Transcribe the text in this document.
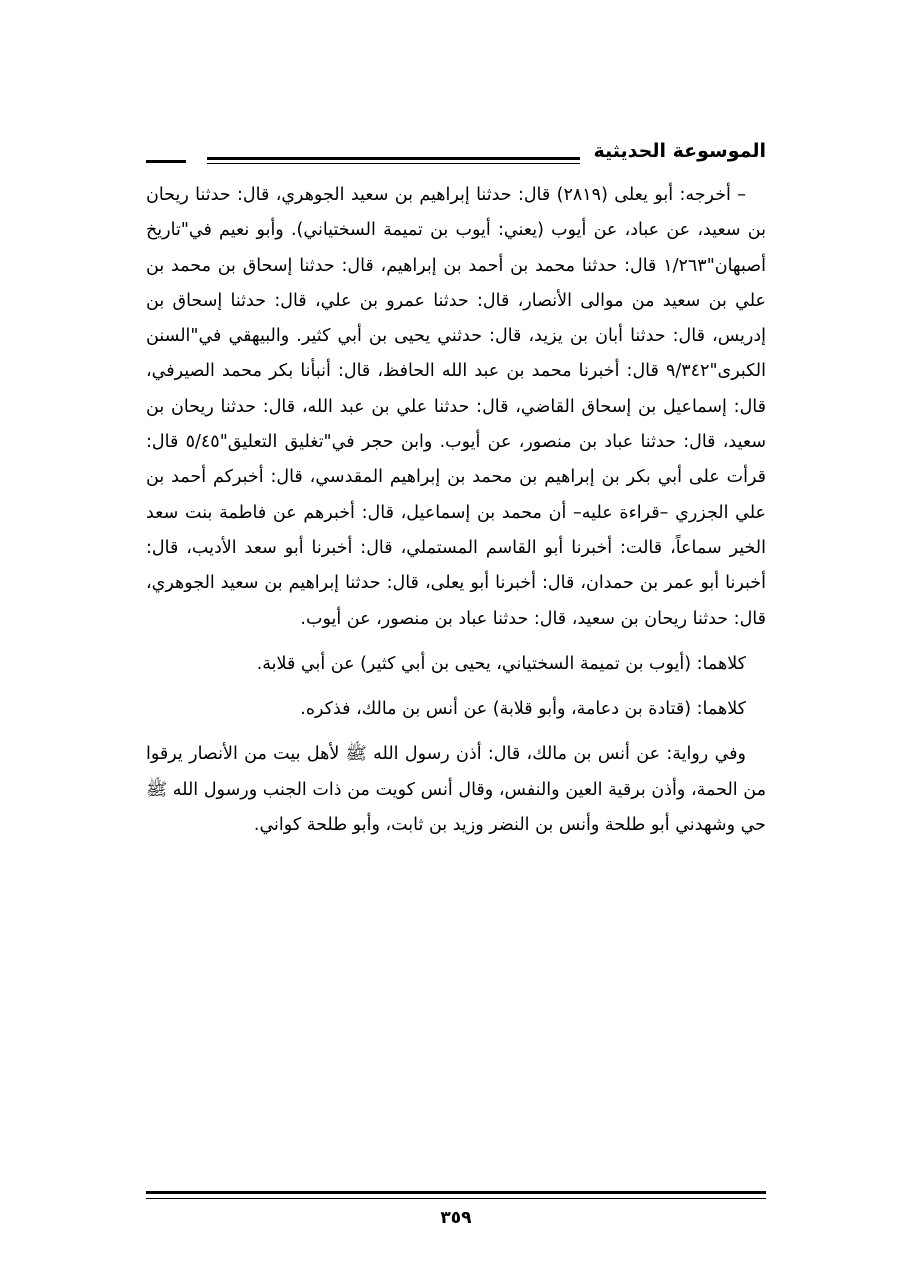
الموسوعة الحديثية

– أخرجه: أبو يعلى (٢٨١٩) قال: حدثنا إبراهيم بن سعيد الجوهري، قال: حدثنا ريحان بن سعيد، عن عباد، عن أيوب (يعني: أيوب بن تميمة السختياني). وأبو نعيم في"تاريخ أصبهان"١/٢٦٣ قال: حدثنا محمد بن أحمد بن إبراهيم، قال: حدثنا إسحاق بن محمد بن علي بن سعيد من موالى الأنصار، قال: حدثنا عمرو بن علي، قال: حدثنا إسحاق بن إدريس، قال: حدثنا أبان بن يزيد، قال: حدثني يحيى بن أبي كثير. والبيهقي في"السنن الكبرى"٩/٣٤٢ قال: أخبرنا محمد بن عبد الله الحافظ، قال: أنبأنا بكر محمد الصيرفي، قال: إسماعيل بن إسحاق القاضي، قال: حدثنا علي بن عبد الله، قال: حدثنا ريحان بن سعيد، قال: حدثنا عباد بن منصور، عن أيوب. وابن حجر في"تغليق التعليق"٥/٤٥ قال: قرأت على أبي بكر بن إبراهيم بن محمد بن إبراهيم المقدسي، قال: أخبركم أحمد بن علي الجزري –قراءة عليه– أن محمد بن إسماعيل، قال: أخبرهم عن فاطمة بنت سعد الخير سماعاً، قالت: أخبرنا أبو القاسم المستملي، قال: أخبرنا أبو سعد الأديب، قال: أخبرنا أبو عمر بن حمدان، قال: أخبرنا أبو يعلى، قال: حدثنا إبراهيم بن سعيد الجوهري، قال: حدثنا ريحان بن سعيد، قال: حدثنا عباد بن منصور، عن أيوب.

كلاهما: (أيوب بن تميمة السختياني، يحيى بن أبي كثير) عن أبي قلابة.

كلاهما: (قتادة بن دعامة، وأبو قلابة) عن أنس بن مالك، فذكره.

وفي رواية: عن أنس بن مالك، قال: أذن رسول الله ﷺ لأهل بيت من الأنصار يرقوا من الحمة، وأذن برقية العين والنفس، وقال أنس كويت من ذات الجنب ورسول الله ﷺ حي وشهدني أبو طلحة وأنس بن النضر وزيد بن ثابت، وأبو طلحة كواني.

٣٥٩
